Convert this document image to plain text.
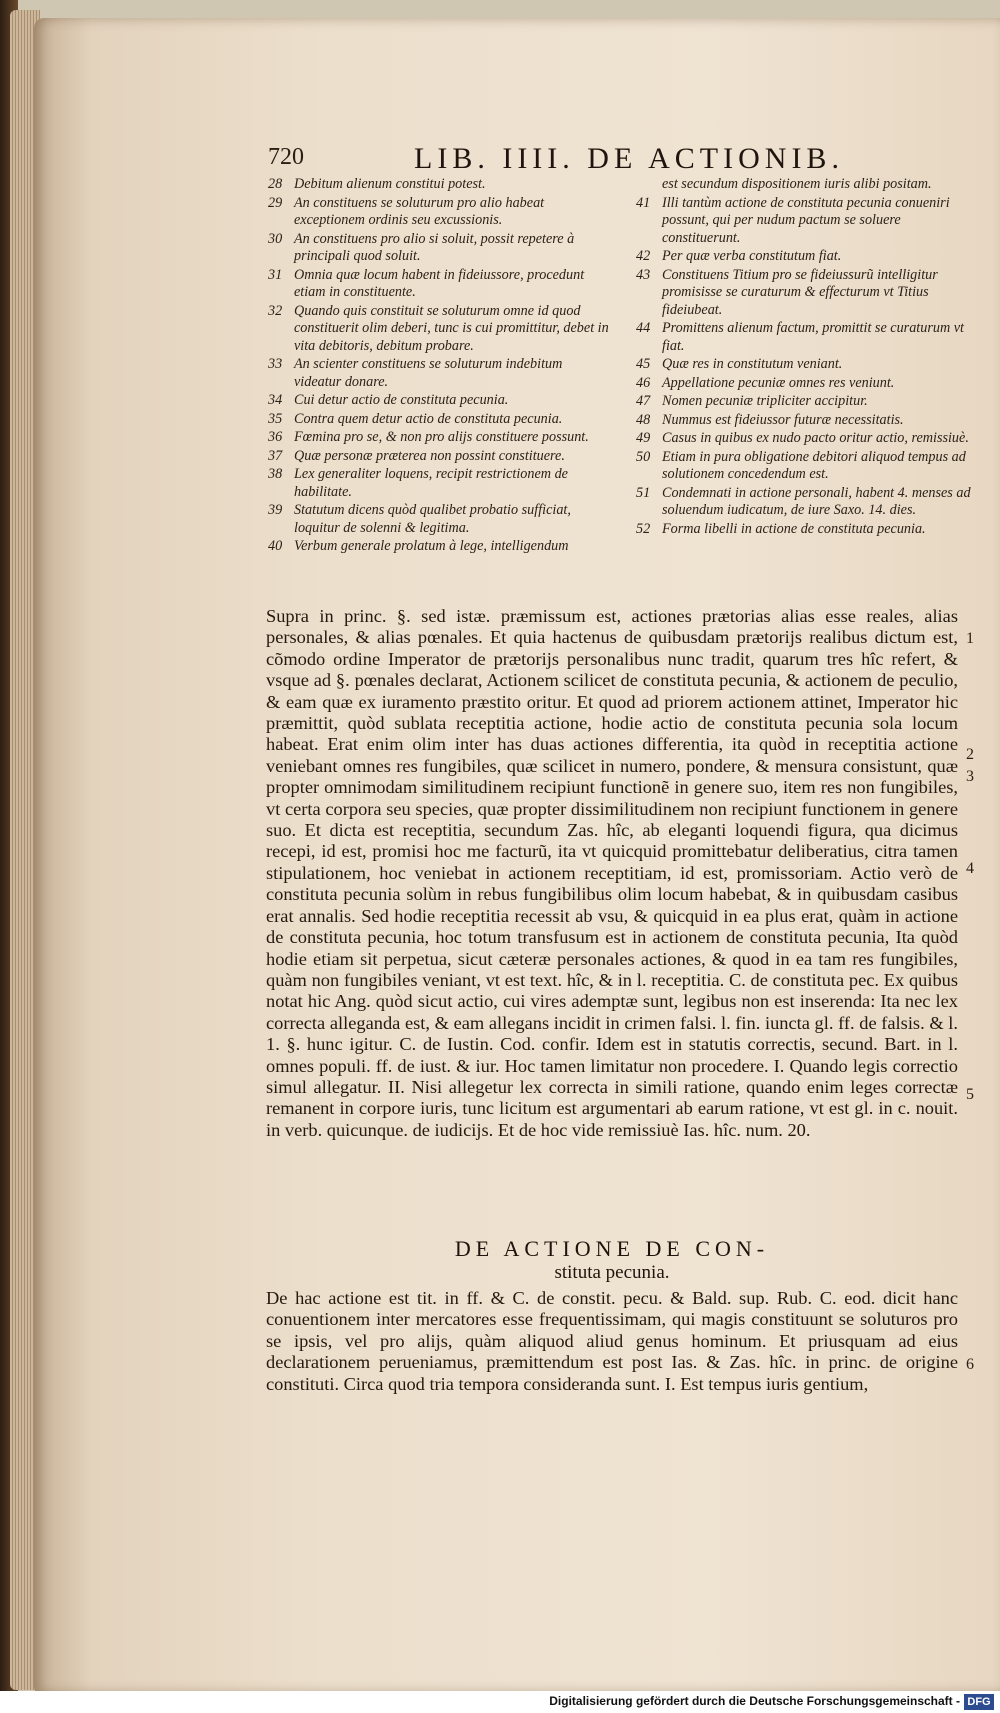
720	LIB. IIII. DE ACTIONIB.
28 Debitum alienum constitui potest.
29 An constituens se soluturum pro alio habeat exceptionem ordinis seu excussionis.
30 An constituens pro alio si soluit, possit repetere à principali quod soluit.
31 Omnia quæ locum habent in fideiussore, procedunt etiam in constituente.
32 Quando quis constituit se soluturum omne id quod constituerit olim deberi, tunc is cui promittitur, debet in vita debitoris, debitum probare.
33 An scienter constituens se soluturum indebitum videatur donare.
34 Cui detur actio de constituta pecunia.
35 Contra quem detur actio de constituta pecunia.
36 Fœmina pro se, & non pro alijs constituere possunt.
37 Quæ personæ præterea non possint constituere.
38 Lex generaliter loquens, recipit restrictionem de habilitate.
39 Statutum dicens quòd qualibet probatio sufficiat, loquitur de solenni & legitima.
40 Verbum generale prolatum à lege, intelligendum
est secundum dispositionem iuris alibi positam.
41 Illi tantùm actione de constituta pecunia conueniri possunt, qui per nudum pactum se soluere constituerunt.
42 Per quæ verba constitutum fiat.
43 Constituens Titium pro se fideiussurũ intelligitur promisisse se curaturum & effecturum vt Titius fideiubeat.
44 Promittens alienum factum, promittit se curaturum vt fiat.
45 Quæ res in constitutum veniant.
46 Appellatione pecuniæ omnes res veniunt.
47 Nomen pecuniæ tripliciter accipitur.
48 Nummus est fideiussor futuræ necessitatis.
49 Casus in quibus ex nudo pacto oritur actio, remissiuè.
50 Etiam in pura obligatione debitori aliquod tempus ad solutionem concedendum est.
51 Condemnati in actione personali, habent 4. menses ad soluendum iudicatum, de iure Saxo. 14. dies.
52 Forma libelli in actione de constituta pecunia.

Supra in princ. §. sed istæ. præmissum est, actiones prætorias alias esse reales, alias personales, & alias pœnales. Et quia hactenus de quibusdam prætorijs realibus dictum est, cõmodo ordine Imperator de prætorijs personalibus nunc tradit, quarum tres hîc refert, & vsque ad §. pœnales declarat, Actionem scilicet de constituta pecunia, & actionem de peculio, & eam quæ ex iuramento præstito oritur. Et quod ad priorem actionem attinet, Imperator hic præmittit, quòd sublata receptitia actione, hodie actio de constituta pecunia sola locum habeat. Erat enim olim inter has duas actiones differentia, ita quòd in receptitia actione veniebant omnes res fungibiles, quæ scilicet in numero, pondere, & mensura consistunt, quæ propter omnimodam similitudinem recipiunt functionẽ in genere suo, item res non fungibiles, vt certa corpora seu species, quæ propter dissimilitudinem non recipiunt functionem in genere suo. Et dicta est receptitia, secundum Zas. hîc, ab eleganti loquendi figura, qua dicimus recepi, id est, promisi hoc me facturũ, ita vt quicquid promittebatur deliberatius, citra tamen stipulationem, hoc veniebat in actionem receptitiam, id est, promissoriam. Actio verò de constituta pecunia solùm in rebus fungibilibus olim locum habebat, & in quibusdam casibus erat annalis. Sed hodie receptitia recessit ab vsu, & quicquid in ea plus erat, quàm in actione de constituta pecunia, hoc totum transfusum est in actionem de constituta pecunia, Ita quòd hodie etiam sit perpetua, sicut cæteræ personales actiones, & quod in ea tam res fungibiles, quàm non fungibiles veniant, vt est text. hîc, & in l. receptitia. C. de constituta pec. Ex quibus notat hic Ang. quòd sicut actio, cui vires ademptæ sunt, legibus non est inserenda: Ita nec lex correcta alleganda est, & eam allegans incidit in crimen falsi. l. fin. iuncta gl. ff. de falsis. & l. 1. §. hunc igitur. C. de Iustin. Cod. confir. Idem est in statutis correctis, secund. Bart. in l. omnes populi. ff. de iust. & iur. Hoc tamen limitatur non procedere. I. Quando legis correctio simul allegatur. II. Nisi allegetur lex correcta in simili ratione, quando enim leges correctæ remanent in corpore iuris, tunc licitum est argumentari ab earum ratione, vt est gl. in c. nouit. in verb. quicunque. de iudicijs. Et de hoc vide remissiuè Ias. hîc. num. 20.

1
2
3
4
5
6
DE ACTIONE DE CON-
stituta pecunia.

De hac actione est tit. in ff. & C. de constit. pecu. & Bald. sup. Rub. C. eod. dicit hanc conuentionem inter mercatores esse frequentissimam, qui magis constituunt se soluturos pro se ipsis, vel pro alijs, quàm aliquod aliud genus hominum. Et priusquam ad eius declarationem perueniamus, præmittendum est post Ias. & Zas. hîc. in princ. de origine constituti. Circa quod tria tempora consideranda sunt. I. Est tempus iuris gentium,

Digitalisierung gefördert durch die Deutsche Forschungsgemeinschaft - DFG
